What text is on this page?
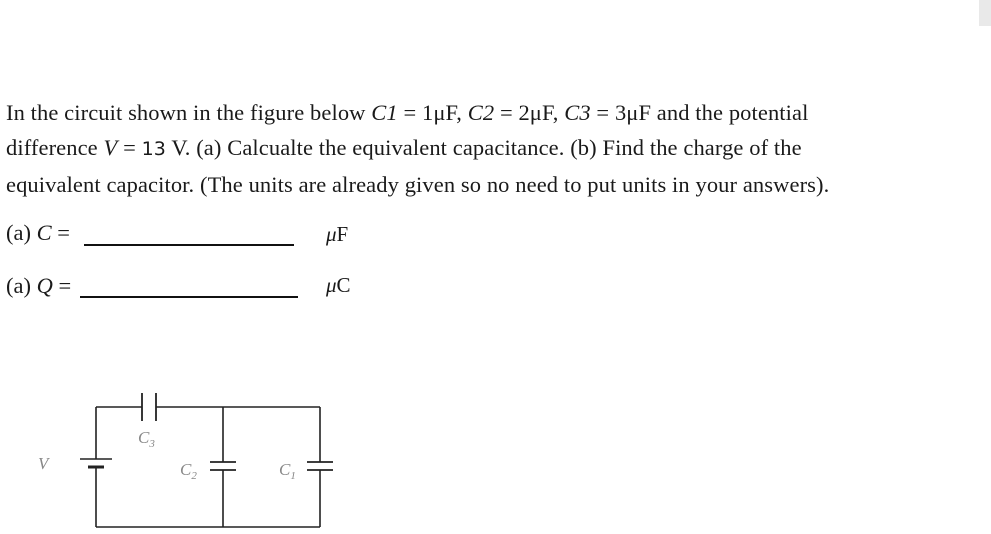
In the circuit shown in the figure below C1 = 1μF, C2 = 2μF, C3 = 3μF and the potential
difference V = 13 V. (a) Calcualte the equivalent capacitance. (b) Find the charge of the
equivalent capacitor. (The units are already given so no need to put units in your answers).
(a) C =	μF
(a) Q =	μC
V
$C_3$
$C_2$	$C_1$
